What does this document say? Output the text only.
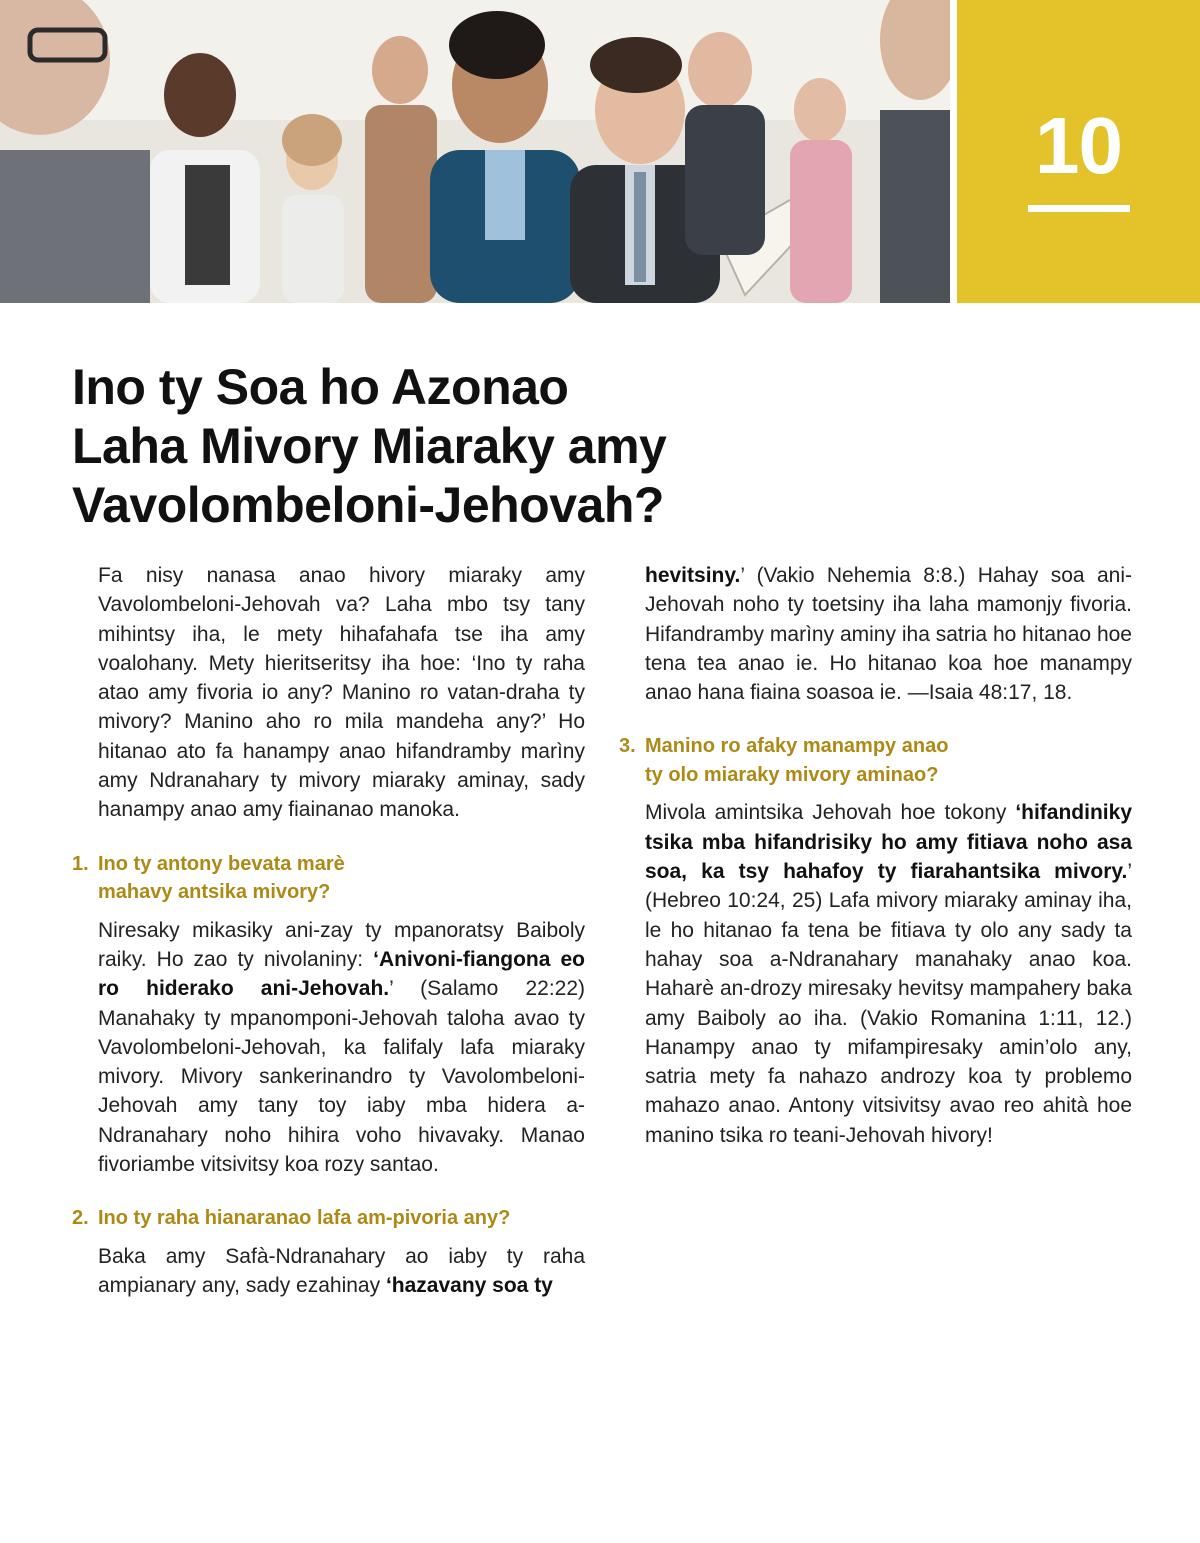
10
Ino ty Soa ho Azonao
Laha Mivory Miaraky amy
Vavolombeloni-Jehovah?

Fa nisy nanasa anao hivory miaraky amy Vavolombeloni-Jehovah va? Laha mbo tsy tany mihintsy iha, le mety hihafahafa tse iha amy voalohany. Mety hieritseritsy iha hoe: ‘Ino ty raha atao amy fivoria io any? Manino ro vatan-draha ty mivory? Manino aho ro mila mandeha any?’ Ho hitanao ato fa hanampy anao hifandramby marìny amy Ndranahary ty mivory miaraky aminay, sady hanampy anao amy fiainanao manoka.

1. Ino ty antony bevata marè
mahavy antsika mivory?

Niresaky mikasiky ani-zay ty mpanoratsy Baiboly raiky. Ho zao ty nivolaniny: ‘Anivoni-fiangona eo ro hiderako ani-Jehovah.’ (Salamo 22:22) Manahaky ty mpanomponi-Jehovah taloha avao ty Vavolombeloni-Jehovah, ka falifaly lafa miaraky mivory. Mivory sankerinandro ty Vavolombeloni-Jehovah amy tany toy iaby mba hidera a-Ndranahary noho hihira voho hivavaky. Manao fivoriambe vitsivitsy koa rozy santao.

2. Ino ty raha hianaranao lafa am-pivoria any?

Baka amy Safà-Ndranahary ao iaby ty raha ampianary any, sady ezahinay ‘hazavany soa ty

hevitsiny.’ (Vakio Nehemia 8:8.) Hahay soa ani-Jehovah noho ty toetsiny iha laha mamonjy fivoria. Hifandramby marìny aminy iha satria ho hitanao hoe tena tea anao ie. Ho hitanao koa hoe manampy anao hana fiaina soasoa ie. —Isaia 48:17, 18.

3. Manino ro afaky manampy anao
ty olo miaraky mivory aminao?

Mivola amintsika Jehovah hoe tokony ‘hifandiniky tsika mba hifandrisiky ho amy fitiava noho asa soa, ka tsy hahafoy ty fiarahantsika mivory.’ (Hebreo 10:24, 25) Lafa mivory miaraky aminay iha, le ho hitanao fa tena be fitiava ty olo any sady ta hahay soa a-Ndranahary manahaky anao koa. Haharè an-drozy miresaky hevitsy mampahery baka amy Baiboly ao iha. (Vakio Romanina 1:11, 12.) Hanampy anao ty mifampiresaky amin’olo any, satria mety fa nahazo androzy koa ty problemo mahazo anao. Antony vitsivitsy avao reo ahità hoe manino tsika ro teani-Jehovah hivory!
